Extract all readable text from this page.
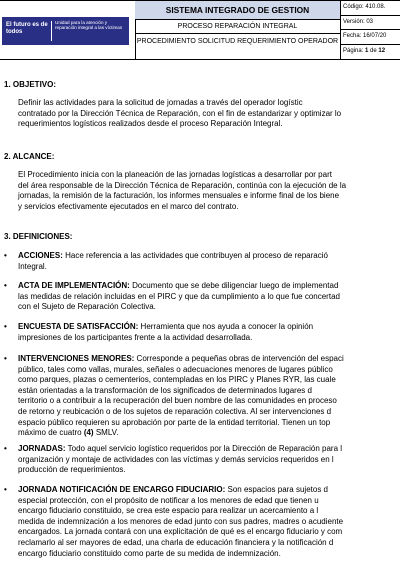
El futuro es de todos
Unidad para la atención y reparación integral a las víctimas
SISTEMA INTEGRADO DE GESTION
PROCESO REPARACIÓN INTEGRAL
PROCEDIMIENTO SOLICITUD REQUERIMIENTO OPERADOR
Código: 410.08.
Versión: 03
Fecha: 16/07/20
Página: 1 de 12
1. OBJETIVO:
Definir las actividades para la solicitud de jornadas a través del operador logístic
contratado por la Dirección Técnica de Reparación, con el fin de estandarizar y optimizar lo
requerimientos logísticos realizados desde el proceso Reparación Integral.
2. ALCANCE:
El Procedimiento inicia con la planeación de las jornadas logísticas a desarrollar por part
del área responsable de la Dirección Técnica de Reparación, continúa con la ejecución de la
jornadas, la remisión de la facturación, los informes mensuales e informe final de los biene
y servicios efectivamente ejecutados en el marco del contrato.
3. DEFINICIONES:
• ACCIONES: Hace referencia a las actividades que contribuyen al proceso de reparació
Integral.
• ACTA DE IMPLEMENTACIÓN: Documento que se debe diligenciar luego de implementad
las medidas de relación incluidas en el PIRC y que da cumplimiento a lo que fue concertad
con el Sujeto de Reparación Colectiva.
• ENCUESTA DE SATISFACCIÓN: Herramienta que nos ayuda a conocer la opinión
impresiones de los participantes frente a la actividad desarrollada.
• INTERVENCIONES MENORES: Corresponde a pequeñas obras de intervención del espaci
público, tales como vallas, murales, señales o adecuaciones menores de lugares público
como parques, plazas o cementerios, contempladas en los PIRC y Planes RYR, las cuale
están orientadas a la transformación de los significados de determinados lugares d
territorio o a contribuir a la recuperación del buen nombre de las comunidades en proceso
de retorno y reubicación o de los sujetos de reparación colectiva. Al ser intervenciones d
espacio público requieren su aprobación por parte de la entidad territorial. Tienen un top
máximo de cuatro (4) SMLV.
• JORNADAS: Todo aquel servicio logístico requeridos por la Dirección de Reparación para l
organización y montaje de actividades con las víctimas y demás servicios requeridos en l
producción de requerimientos.
• JORNADA NOTIFICACIÓN DE ENCARGO FIDUCIARIO: Son espacios para sujetos d
especial protección, con el propósito de notificar a los menores de edad que tienen u
encargo fiduciario constituido, se crea este espacio para realizar un acercamiento a l
medida de indemnización a los menores de edad junto con sus padres, madres o acudiente
encargados. La jornada contará con una explicitación de qué es el encargo fiduciario y com
reclamarlo al ser mayores de edad, una charla de educación financiera y la notificación d
encargo fiduciario constituido como parte de su medida de indemnización.
